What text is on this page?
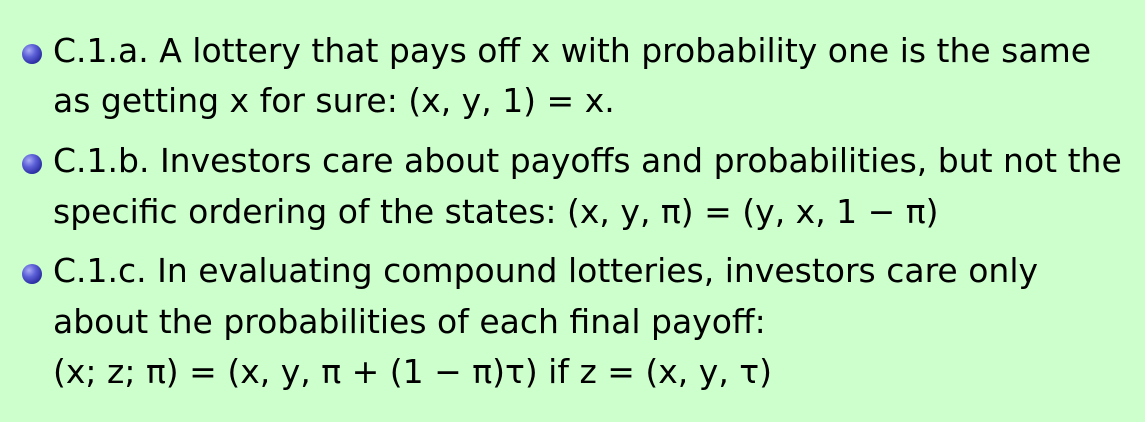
C.1.a. A lottery that pays off x with probability one is the same
as getting x for sure: (x, y, 1) = x.
C.1.b. Investors care about payoffs and probabilities, but not the
specific ordering of the states: (x, y, π) = (y, x, 1 − π)
C.1.c. In evaluating compound lotteries, investors care only
about the probabilities of each final payoff:
(x; z; π) = (x, y, π + (1 − π)τ) if z = (x, y, τ)
